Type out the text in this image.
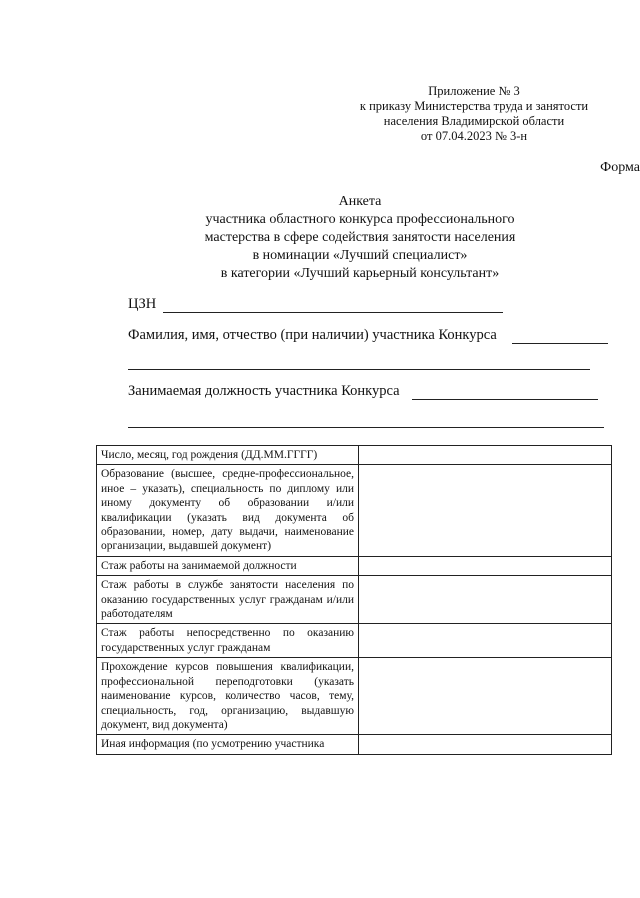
Приложение № 3
к приказу Министерства труда и занятости
населения Владимирской области
от 07.04.2023 № 3-н
Форма
Анкета
участника областного конкурса профессионального
мастерства в сфере содействия занятости населения
в номинации «Лучший специалист»
в категории «Лучший карьерный консультант»
ЦЗН
Фамилия, имя, отчество (при наличии) участника Конкурса
Занимаемая должность участника Конкурса
Число, месяц, год рождения (ДД.ММ.ГГГГ)	
Образование (высшее, средне-профессиональное, иное – указать), специальность по диплому или иному документу об образовании и/или квалификации (указать вид документа об образовании, номер, дату выдачи, наименование организации, выдавшей документ)	
Стаж работы на занимаемой должности	
Стаж работы в службе занятости населения по оказанию государственных услуг гражданам и/или работодателям	
Стаж работы непосредственно по оказанию государственных услуг гражданам	
Прохождение курсов повышения квалификации, профессиональной переподготовки (указать наименование курсов, количество часов, тему, специальность, год, организацию, выдавшую документ, вид документа)	
Иная информация (по усмотрению участника	
